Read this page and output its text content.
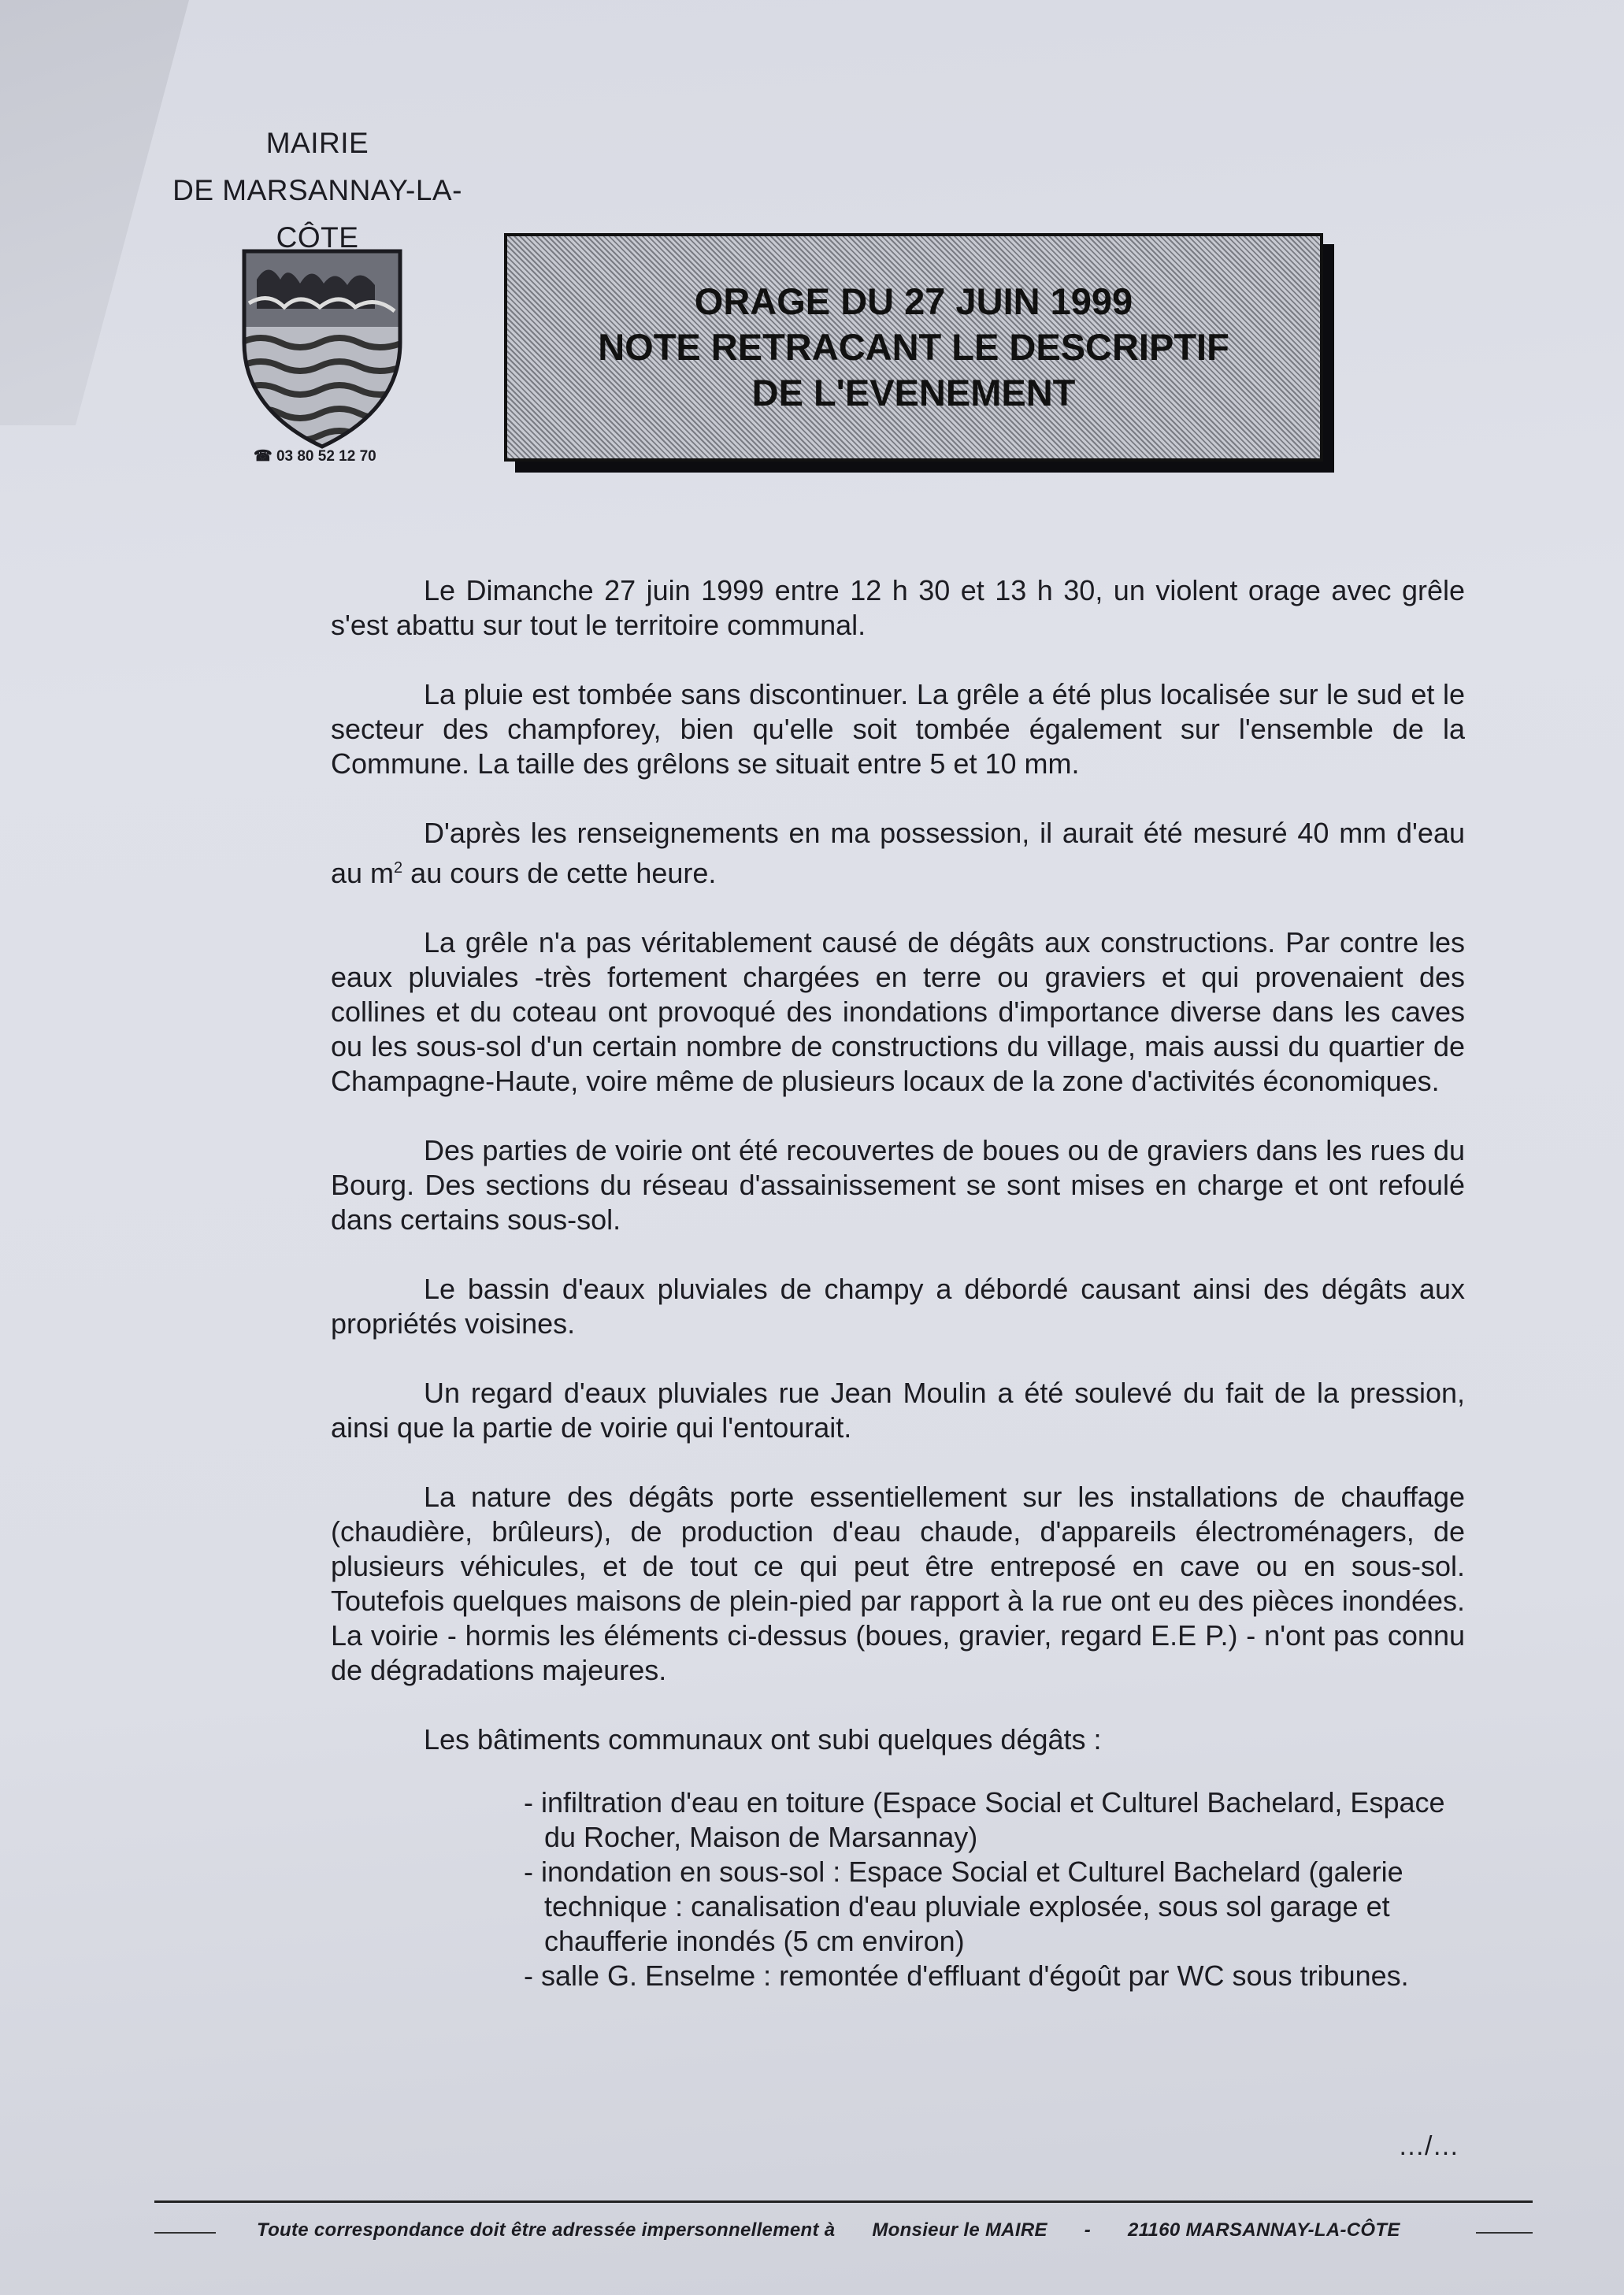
MAIRIE
DE MARSANNAY-LA-CÔTE
☎ 03 80 52 12 70
ORAGE DU 27 JUIN 1999
NOTE RETRACANT LE DESCRIPTIF
DE L'EVENEMENT

Le Dimanche 27 juin 1999 entre 12 h 30 et 13 h 30, un violent orage avec grêle s'est abattu sur tout le territoire communal.

La pluie est tombée sans discontinuer. La grêle a été plus localisée sur le sud et le secteur des champforey, bien qu'elle soit tombée également sur l'ensemble de la Commune. La taille des grêlons se situait entre 5 et 10 mm.

D'après les renseignements en ma possession, il aurait été mesuré 40 mm d'eau au $m^2$ au cours de cette heure.

La grêle n'a pas véritablement causé de dégâts aux constructions. Par contre les eaux pluviales -très fortement chargées en terre ou graviers et qui provenaient des collines et du coteau ont provoqué des inondations d'importance diverse dans les caves ou les sous-sol d'un certain nombre de constructions du village, mais aussi du quartier de Champagne-Haute, voire même de plusieurs locaux de la zone d'activités économiques.

Des parties de voirie ont été recouvertes de boues ou de graviers dans les rues du Bourg. Des sections du réseau d'assainissement se sont mises en charge et ont refoulé dans certains sous-sol.

Le bassin d'eaux pluviales de champy a débordé causant ainsi des dégâts aux propriétés voisines.

Un regard d'eaux pluviales rue Jean Moulin a été soulevé du fait de la pression, ainsi que la partie de voirie qui l'entourait.

La nature des dégâts porte essentiellement sur les installations de chauffage (chaudière, brûleurs), de production d'eau chaude, d'appareils électroménagers, de plusieurs véhicules, et de tout ce qui peut être entreposé en cave ou en sous-sol. Toutefois quelques maisons de plein-pied par rapport à la rue ont eu des pièces inondées. La voirie - hormis les éléments ci-dessus (boues, gravier, regard E.E P.) - n'ont pas connu de dégradations majeures.

Les bâtiments communaux ont subi quelques dégâts :

- infiltration d'eau en toiture (Espace Social et Culturel Bachelard, Espace du Rocher, Maison de Marsannay)
- inondation en sous-sol : Espace Social et Culturel Bachelard (galerie technique : canalisation d'eau pluviale explosée, sous sol garage et chaufferie inondés (5 cm environ)
- salle G. Enselme : remontée d'effluant d'égoût par WC sous tribunes.
…/…
Toute correspondance doit être adressée impersonnellement à Monsieur le MAIRE - 21160 MARSANNAY-LA-CÔTE
